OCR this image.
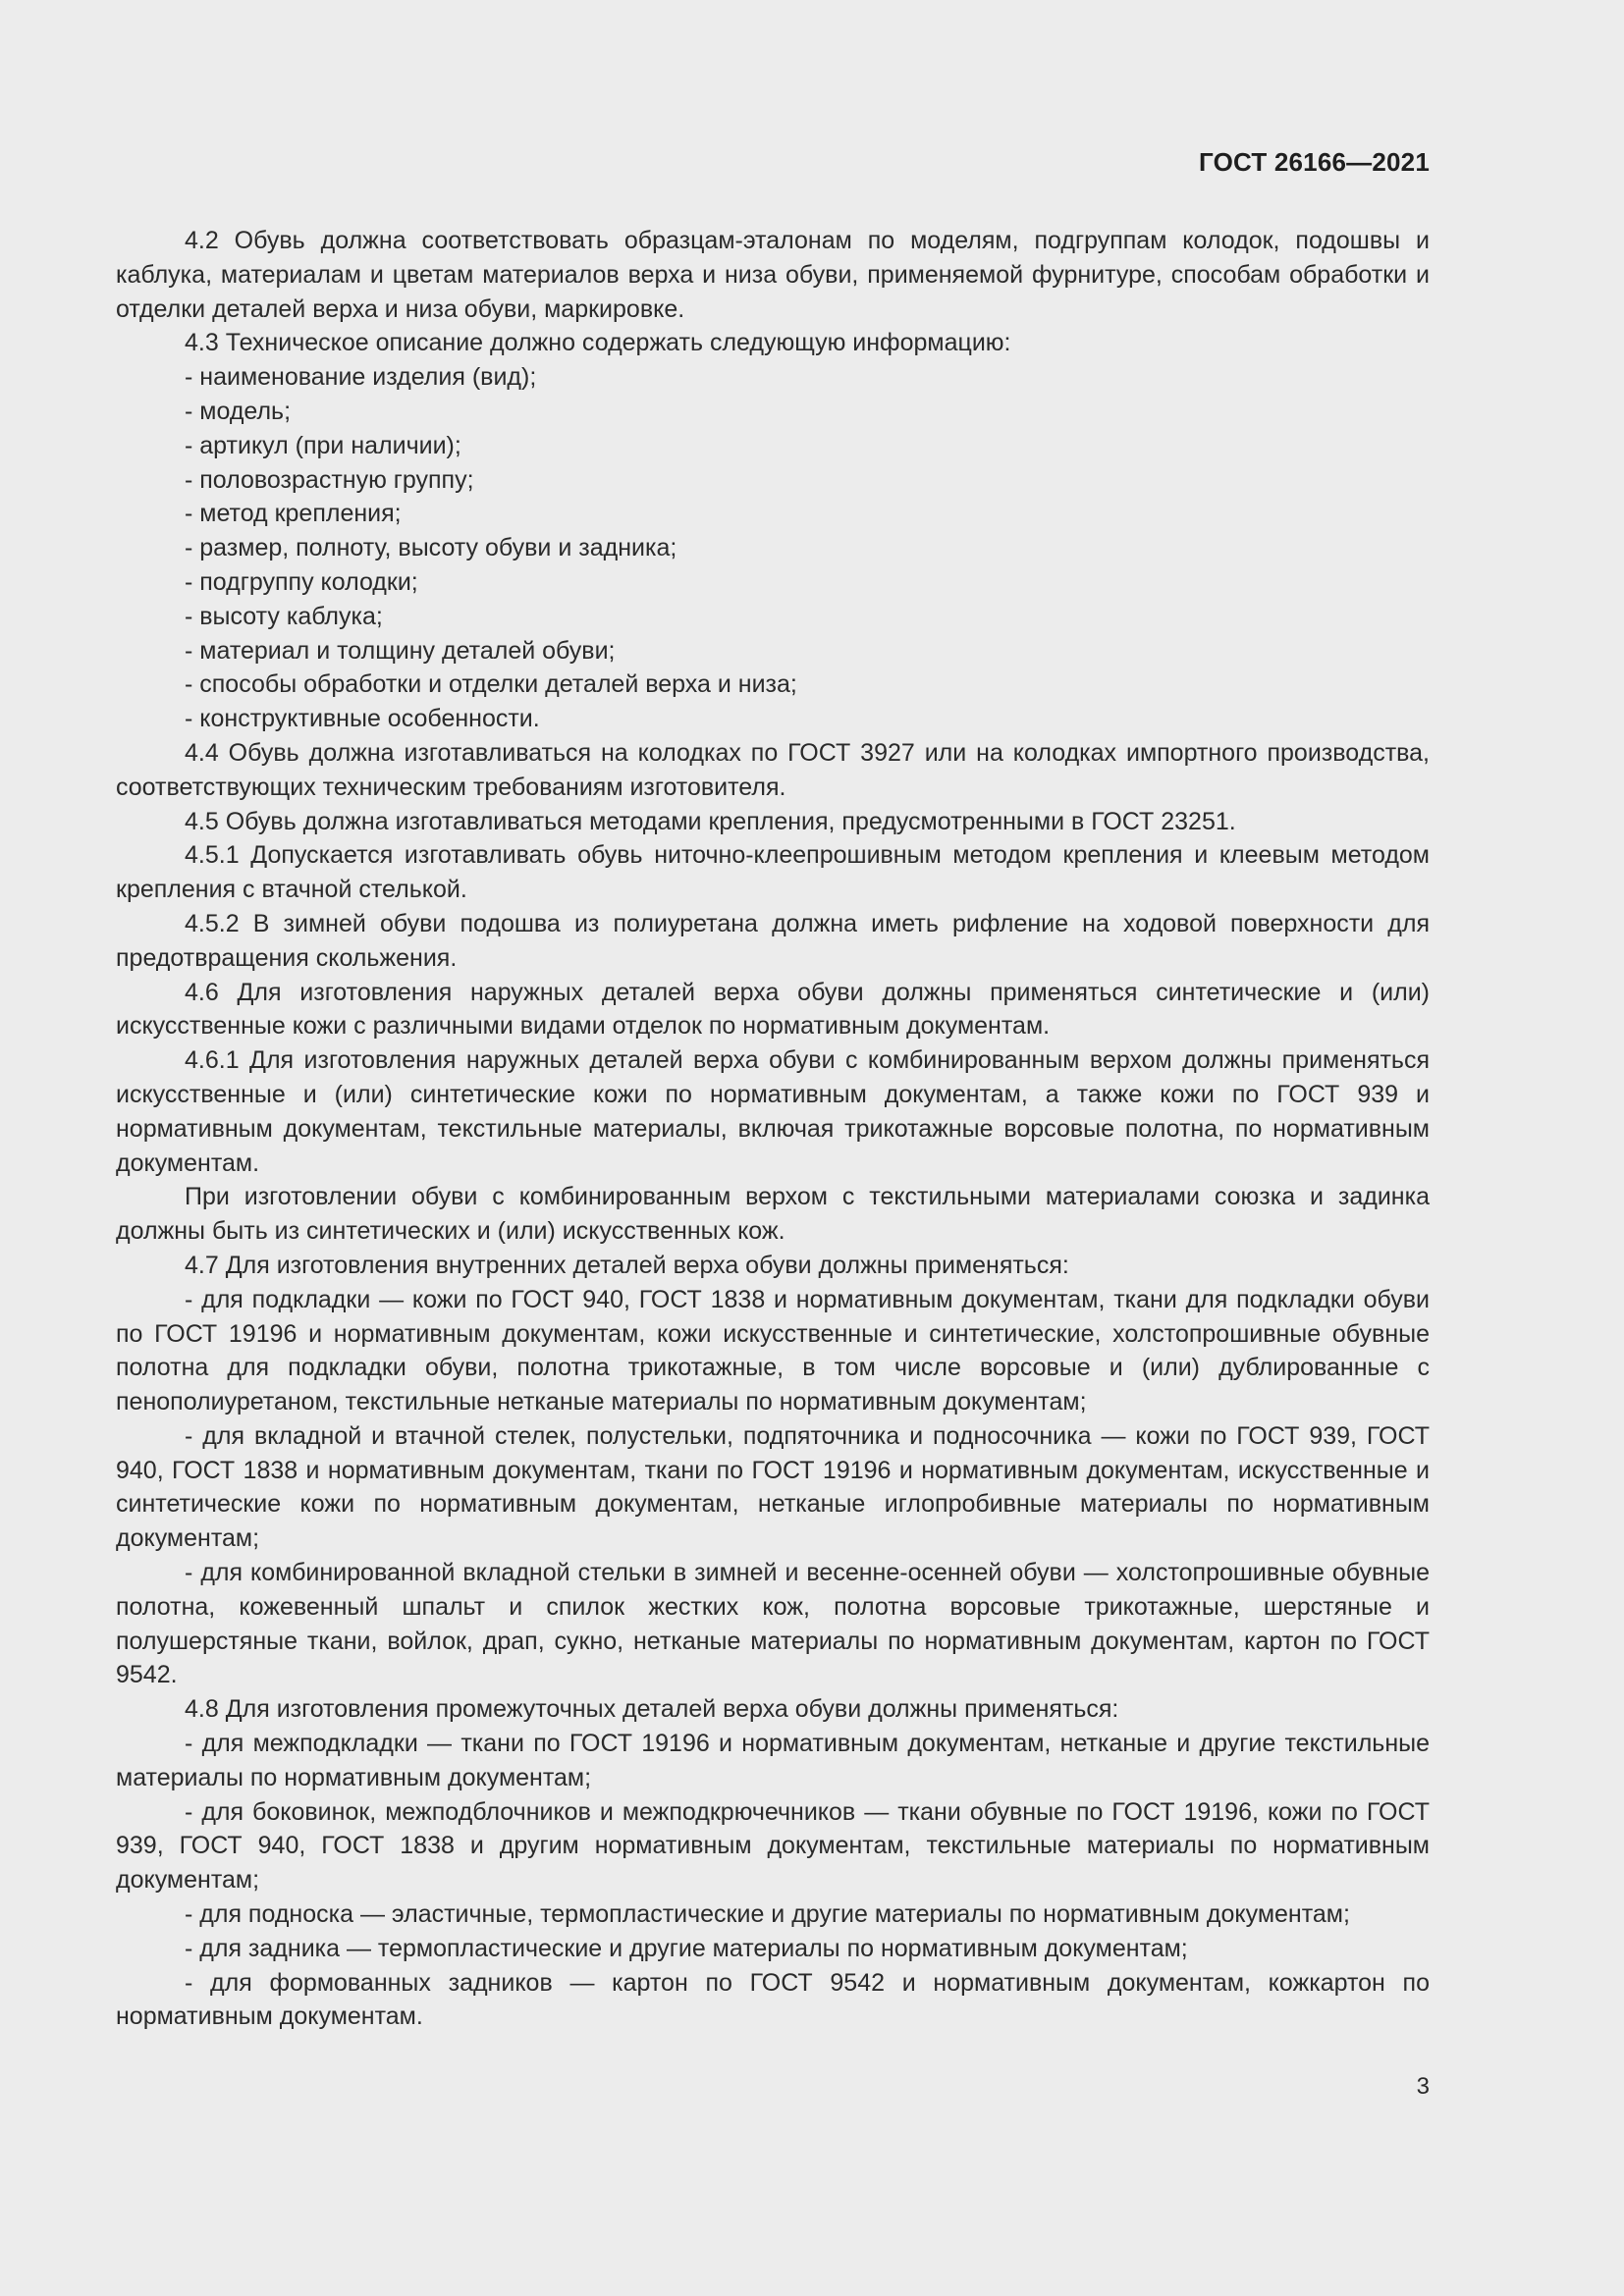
ГОСТ 26166—2021

4.2 Обувь должна соответствовать образцам-эталонам по моделям, подгруппам колодок, подошвы и каблука, материалам и цветам материалов верха и низа обуви, применяемой фурнитуре, способам обработки и отделки деталей верха и низа обуви, маркировке.

4.3 Техническое описание должно содержать следующую информацию:

- наименование изделия (вид);

- модель;

- артикул (при наличии);

- половозрастную группу;

- метод крепления;

- размер, полноту, высоту обуви и задника;

- подгруппу колодки;

- высоту каблука;

- материал и толщину деталей обуви;

- способы обработки и отделки деталей верха и низа;

- конструктивные особенности.

4.4 Обувь должна изготавливаться на колодках по ГОСТ 3927 или на колодках импортного производства, соответствующих техническим требованиям изготовителя.

4.5 Обувь должна изготавливаться методами крепления, предусмотренными в ГОСТ 23251.

4.5.1 Допускается изготавливать обувь ниточно-клеепрошивным методом крепления и клеевым методом крепления с втачной стелькой.

4.5.2 В зимней обуви подошва из полиуретана должна иметь рифление на ходовой поверхности для предотвращения скольжения.

4.6 Для изготовления наружных деталей верха обуви должны применяться синтетические и (или) искусственные кожи с различными видами отделок по нормативным документам.

4.6.1 Для изготовления наружных деталей верха обуви с комбинированным верхом должны применяться искусственные и (или) синтетические кожи по нормативным документам, а также кожи по ГОСТ 939 и нормативным документам, текстильные материалы, включая трикотажные ворсовые полотна, по нормативным документам.

При изготовлении обуви с комбинированным верхом с текстильными материалами союзка и задинка должны быть из синтетических и (или) искусственных кож.

4.7 Для изготовления внутренних деталей верха обуви должны применяться:

- для подкладки — кожи по ГОСТ 940, ГОСТ 1838 и нормативным документам, ткани для подкладки обуви по ГОСТ 19196 и нормативным документам, кожи искусственные и синтетические, холстопрошивные обувные полотна для подкладки обуви, полотна трикотажные, в том числе ворсовые и (или) дублированные с пенополиуретаном, текстильные нетканые материалы по нормативным документам;

- для вкладной и втачной стелек, полустельки, подпяточника и подносочника — кожи по ГОСТ 939, ГОСТ 940, ГОСТ 1838 и нормативным документам, ткани по ГОСТ 19196 и нормативным документам, искусственные и синтетические кожи по нормативным документам, нетканые иглопробивные материалы по нормативным документам;

- для комбинированной вкладной стельки в зимней и весенне-осенней обуви — холстопрошивные обувные полотна, кожевенный шпальт и спилок жестких кож, полотна ворсовые трикотажные, шерстяные и полушерстяные ткани, войлок, драп, сукно, нетканые материалы по нормативным документам, картон по ГОСТ 9542.

4.8 Для изготовления промежуточных деталей верха обуви должны применяться:

- для межподкладки — ткани по ГОСТ 19196 и нормативным документам, нетканые и другие текстильные материалы по нормативным документам;

- для боковинок, межподблочников и межподкрючечников — ткани обувные по ГОСТ 19196, кожи по ГОСТ 939, ГОСТ 940, ГОСТ 1838 и другим нормативным документам, текстильные материалы по нормативным документам;

- для подноска — эластичные, термопластические и другие материалы по нормативным документам;

- для задника — термопластические и другие материалы по нормативным документам;

- для формованных задников — картон по ГОСТ 9542 и нормативным документам, кожкартон по нормативным документам.

3
